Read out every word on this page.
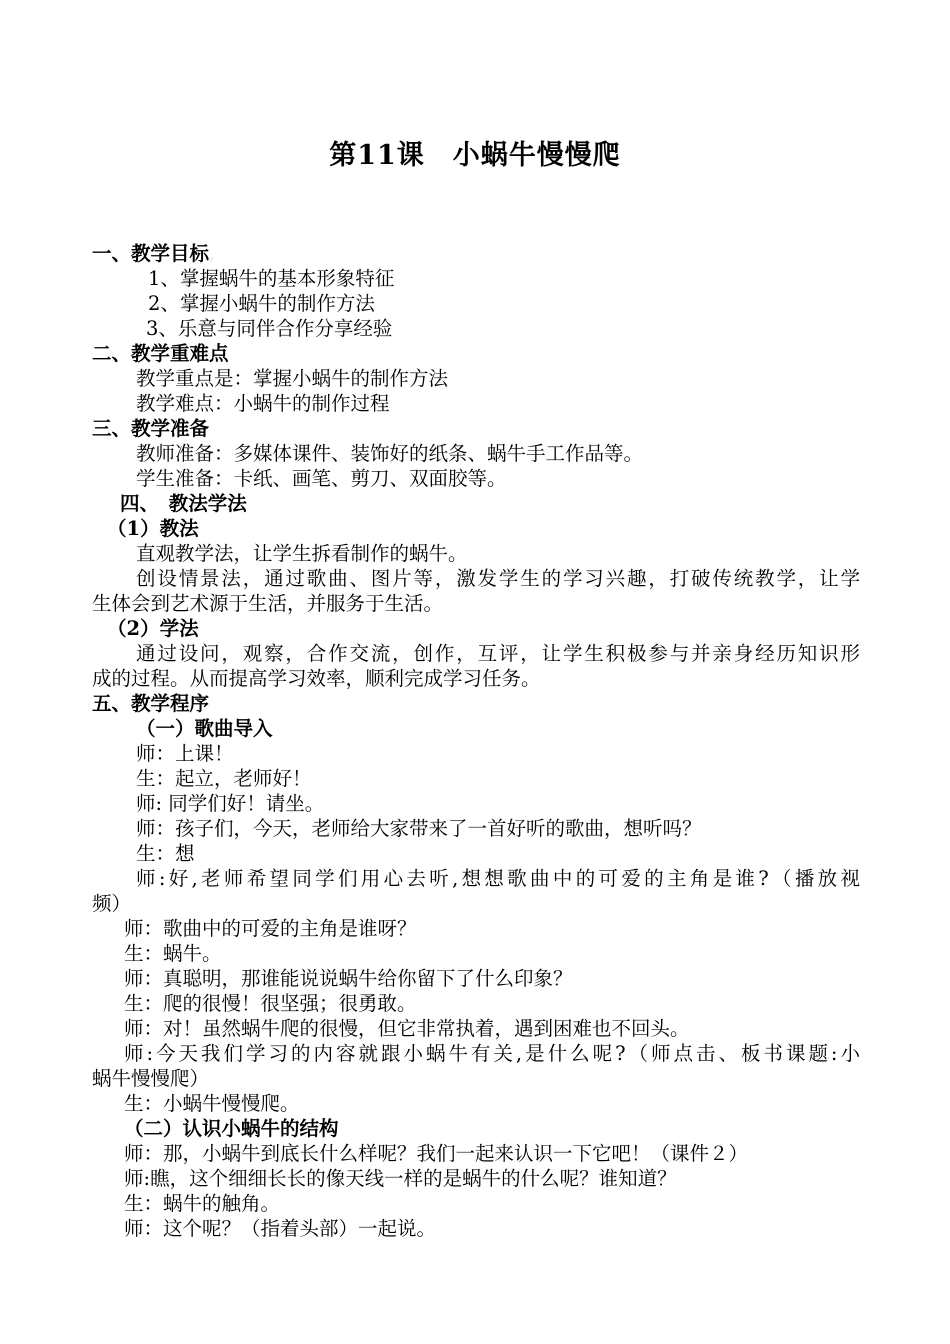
第11课　小蜗牛慢慢爬
一、教学目标。
1、掌握蜗牛的基本形象特征
2、掌握小蜗牛的制作方法
3、乐意与同伴合作分享经验
二、教学重难点
教学重点是：掌握小蜗牛的制作方法
教学难点：小蜗牛的制作过程
三、教学准备
教师准备：多媒体课件、装饰好的纸条、蜗牛手工作品等。
学生准备：卡纸、画笔、剪刀、双面胶等。
四、　教法学法
（1）教法
直观教学法，让学生拆看制作的蜗牛。
创设情景法，通过歌曲、图片等，激发学生的学习兴趣，打破传统教学，让学
生体会到艺术源于生活，并服务于生活。
（2）学法
通过设问，观察，合作交流，创作，互评，让学生积极参与并亲身经历知识形
成的过程。从而提高学习效率，顺利完成学习任务。
五、教学程序
（一）歌曲导入
师：上课！
生：起立，老师好！
师: 同学们好！请坐。
师：孩子们，今天，老师给大家带来了一首好听的歌曲，想听吗？
生：想
师:好,老师希望同学们用心去听,想想歌曲中的可爱的主角是谁?（播放视
频）
师：歌曲中的可爱的主角是谁呀？
生：蜗牛。
师：真聪明，那谁能说说蜗牛给你留下了什么印象？
生：爬的很慢！很坚强；很勇敢。
师：对！虽然蜗牛爬的很慢，但它非常执着，遇到困难也不回头。
师:今天我们学习的内容就跟小蜗牛有关,是什么呢?（师点击、板书课题:小
蜗牛慢慢爬）
生：小蜗牛慢慢爬。
（二）认识小蜗牛的结构
师：那，小蜗牛到底长什么样呢？我们一起来认识一下它吧！（课件２）
师:瞧，这个细细长长的像天线一样的是蜗牛的什么呢？谁知道？
生：蜗牛的触角。
师：这个呢？（指着头部）一起说。
